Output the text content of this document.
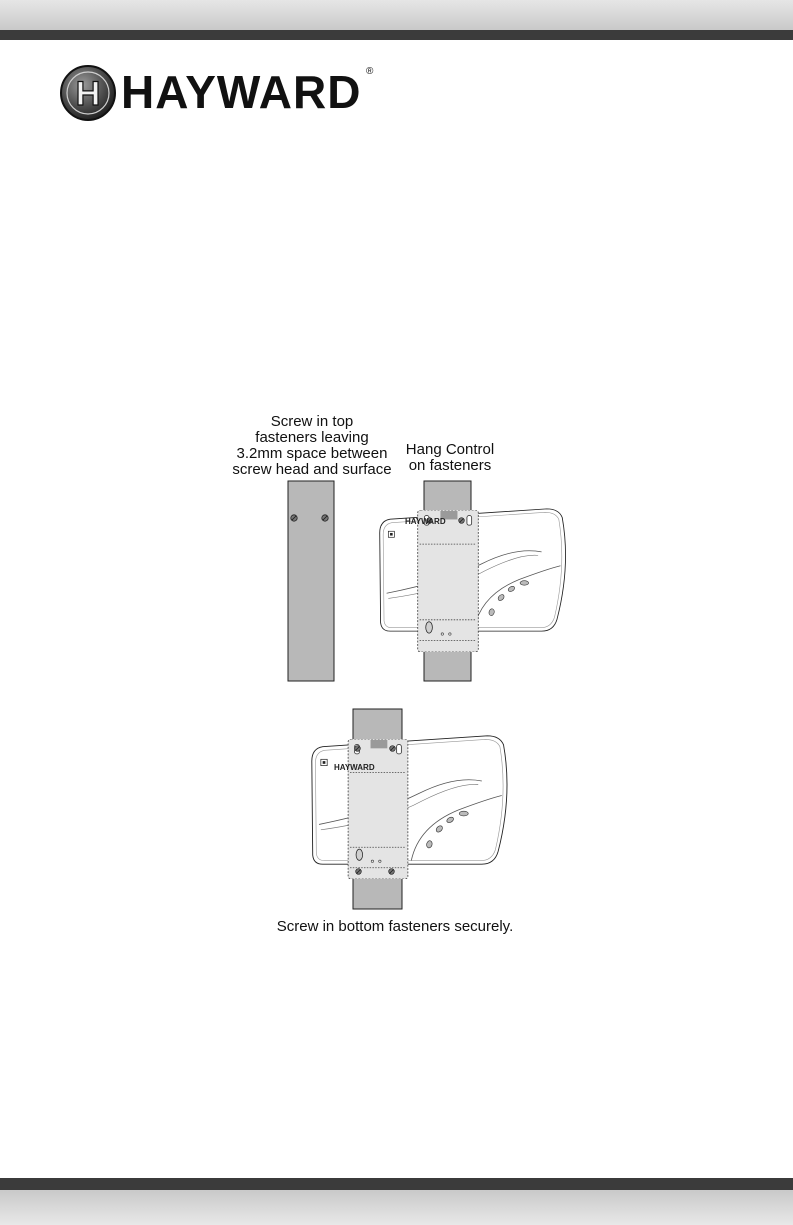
H HAYWARD ®
HAYWARD
HAYWARD
Screw in top
fasteners leaving
3.2mm space between
screw head and surface
Hang Control
on fasteners
Screw in bottom fasteners securely.
